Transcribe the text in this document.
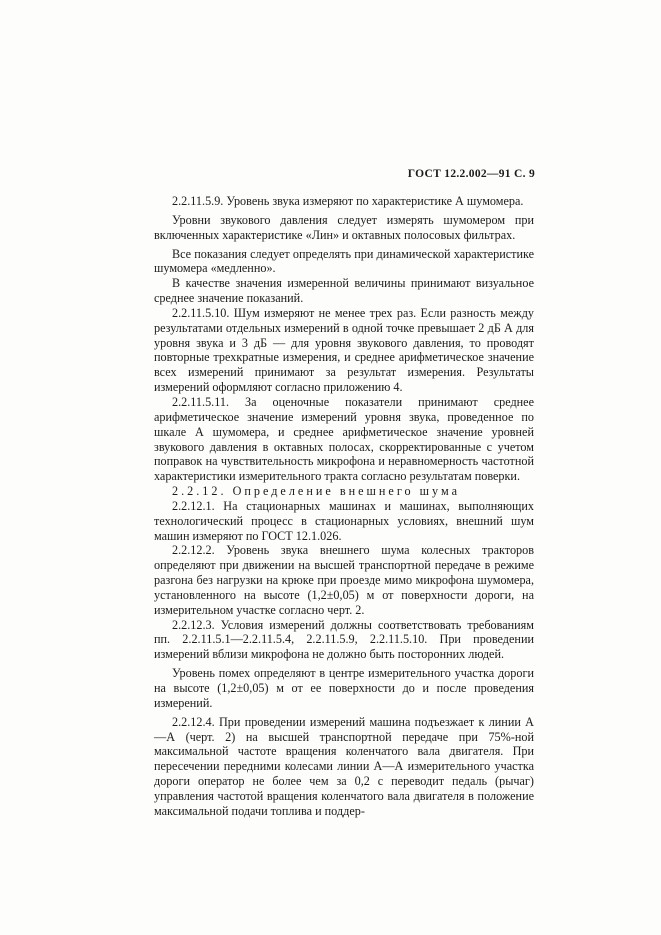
ГОСТ 12.2.002—91 С. 9

2.2.11.5.9. Уровень звука измеряют по характеристике А шумомера.

Уровни звукового давления следует измерять шумомером при включенных характеристике «Лин» и октавных полосовых фильтрах.

Все показания следует определять при динамической характеристике шумомера «медленно».

В качестве значения измеренной величины принимают визуальное среднее значение показаний.

2.2.11.5.10. Шум измеряют не менее трех раз. Если разность между результатами отдельных измерений в одной точке превышает 2 дБ А для уровня звука и 3 дБ — для уровня звукового давления, то проводят повторные трехкратные измерения, и среднее арифметическое значение всех измерений принимают за результат измерения. Результаты измерений оформляют согласно приложению 4.

2.2.11.5.11. За оценочные показатели принимают среднее арифметическое значение измерений уровня звука, проведенное по шкале А шумомера, и среднее арифметическое значение уровней звукового давления в октавных полосах, скорректированные с учетом поправок на чувствительность микрофона и неравномерность частотной характеристики измерительного тракта согласно результатам поверки.

2.2.12. Определение внешнего шума

2.2.12.1. На стационарных машинах и машинах, выполняющих технологический процесс в стационарных условиях, внешний шум машин измеряют по ГОСТ 12.1.026.

2.2.12.2. Уровень звука внешнего шума колесных тракторов определяют при движении на высшей транспортной передаче в режиме разгона без нагрузки на крюке при проезде мимо микрофона шумомера, установленного на высоте (1,2±0,05) м от поверхности дороги, на измерительном участке согласно черт. 2.

2.2.12.3. Условия измерений должны соответствовать требованиям пп. 2.2.11.5.1—2.2.11.5.4, 2.2.11.5.9, 2.2.11.5.10. При проведении измерений вблизи микрофона не должно быть посторонних людей.

Уровень помех определяют в центре измерительного участка дороги на высоте (1,2±0,05) м от ее поверхности до и после проведения измерений.

2.2.12.4. При проведении измерений машина подъезжает к линии А—А (черт. 2) на высшей транспортной передаче при 75%-ной максимальной частоте вращения коленчатого вала двигателя. При пересечении передними колесами линии А—А измерительного участка дороги оператор не более чем за 0,2 с переводит педаль (рычаг) управления частотой вращения коленчатого вала двигателя в положение максимальной подачи топлива и поддер-
